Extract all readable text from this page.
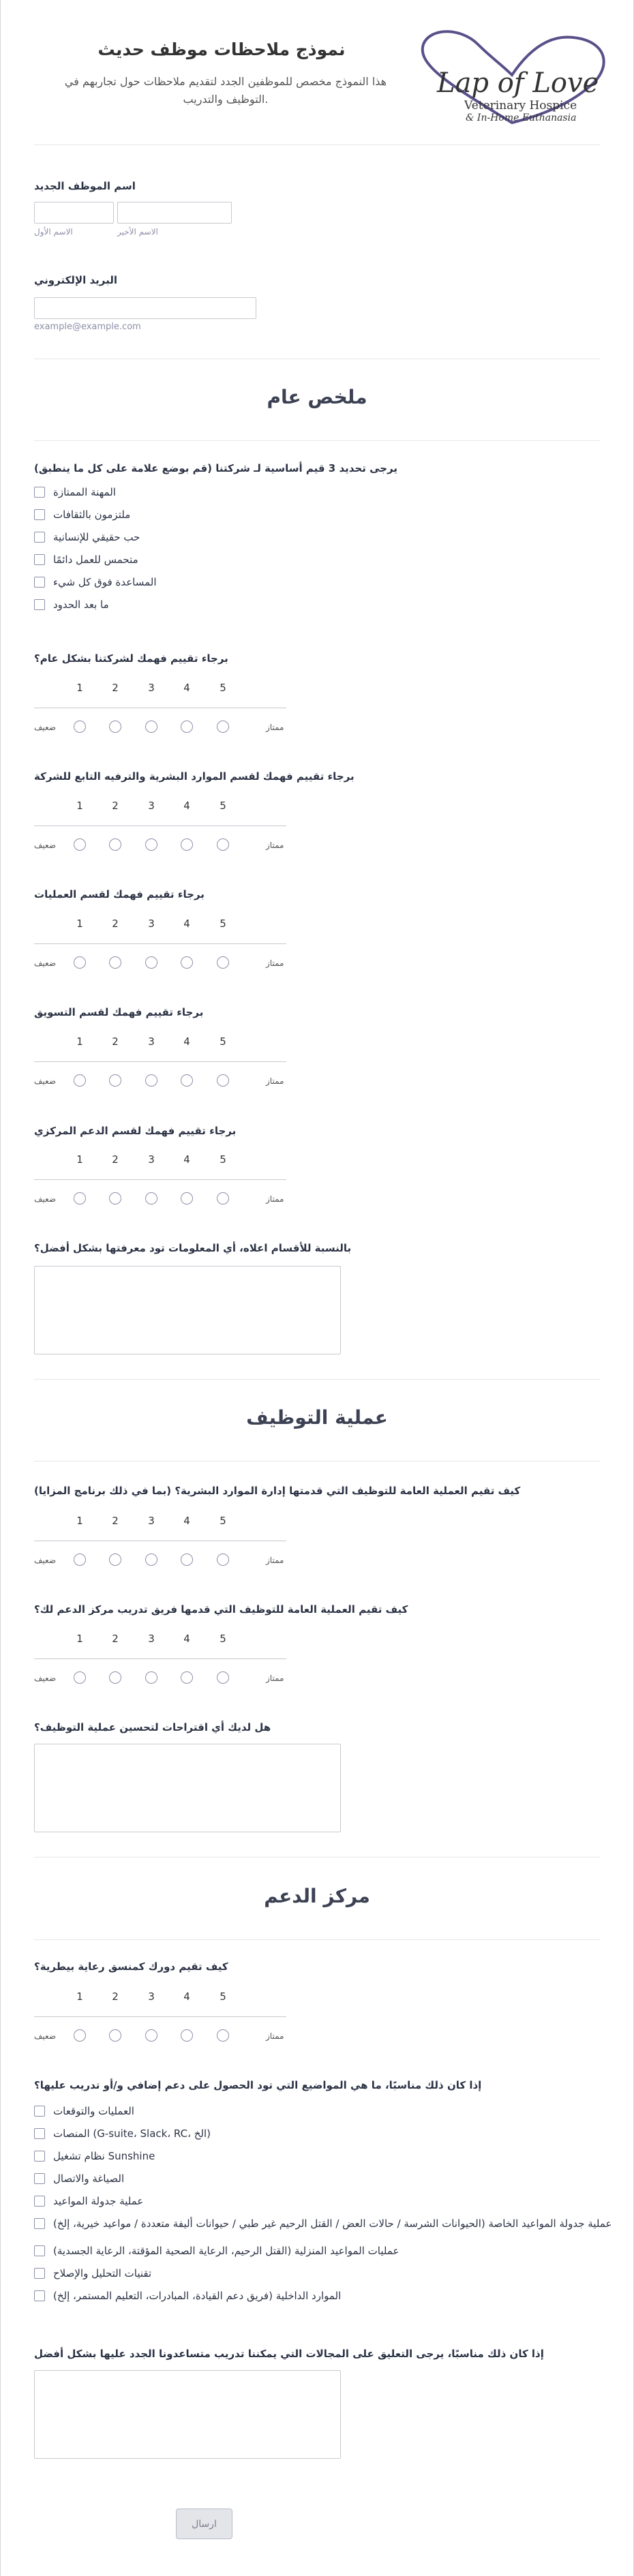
نموذج ملاحظات موظف حديث
هذا النموذج مخصص للموظفين الجدد لتقديم ملاحظات حول تجاربهم في التوظيف والتدريب.
Lap of Love
Veterinary Hospice
& In-Home Euthanasia
اسم الموظف الجديد
الاسم الأول	الاسم الأخير
البريد الإلكتروني
example@example.com
ملخص عام
يرجى تحديد 3 قيم أساسية لـ شركتنا (قم بوضع علامة على كل ما ينطبق)
المهنة الممتازة
ملتزمون بالثقافات
حب حقيقي للإنسانية
متحمس للعمل دائمًا
المساعدة فوق كل شيء
ما بعد الحدود
برجاء تقييم فهمك لشركتنا بشكل عام؟
1	2	3	4	5
ضعيف	ممتاز
برجاء تقييم فهمك لقسم الموارد البشرية والترفيه التابع للشركة
1	2	3	4	5
ضعيف	ممتاز
برجاء تقييم فهمك لقسم العمليات
1	2	3	4	5
ضعيف	ممتاز
برجاء تقييم فهمك لقسم التسويق
1	2	3	4	5
ضعيف	ممتاز
برجاء تقييم فهمك لقسم الدعم المركزي
1	2	3	4	5
ضعيف	ممتاز
بالنسبة للأقسام اعلاه، أي المعلومات تود معرفتها بشكل أفضل؟
عملية التوظيف
كيف تقيم العملية العامة للتوظيف التي قدمتها إدارة الموارد البشرية؟ (بما في ذلك برنامج المزايا)
1	2	3	4	5
ضعيف	ممتاز
كيف تقيم العملية العامة للتوظيف التي قدمها فريق تدريب مركز الدعم لك؟
1	2	3	4	5
ضعيف	ممتاز
هل لديك أي اقتراحات لتحسين عملية التوظيف؟
مركز الدعم
كيف تقيم دورك كمنسق رعاية بيطرية؟
1	2	3	4	5
ضعيف	ممتاز
إذا كان ذلك مناسبًا، ما هي المواضيع التي تود الحصول على دعم إضافي و/أو تدريب عليها؟
العمليات والتوقعات
المنصات (G-suite، Slack، RC، الخ)
نظام تشغيل Sunshine
الصياغة والاتصال
عملية جدولة المواعيد
عملية جدولة المواعيد الخاصة (الحيوانات الشرسة / حالات العض / القتل الرحيم غير طبي / حيوانات أليفة متعددة / مواعيد خيرية، إلخ)
عمليات المواعيد المنزلية (القتل الرحيم، الرعاية الصحية المؤقتة، الرعاية الجسدية)
تقنيات التحليل والإصلاح
الموارد الداخلية (فريق دعم القيادة، المبادرات، التعليم المستمر، إلخ)
إذا كان ذلك مناسبًا، يرجى التعليق على المجالات التي يمكننا تدريب متساعدونا الجدد عليها بشكل أفضل
ارسال
